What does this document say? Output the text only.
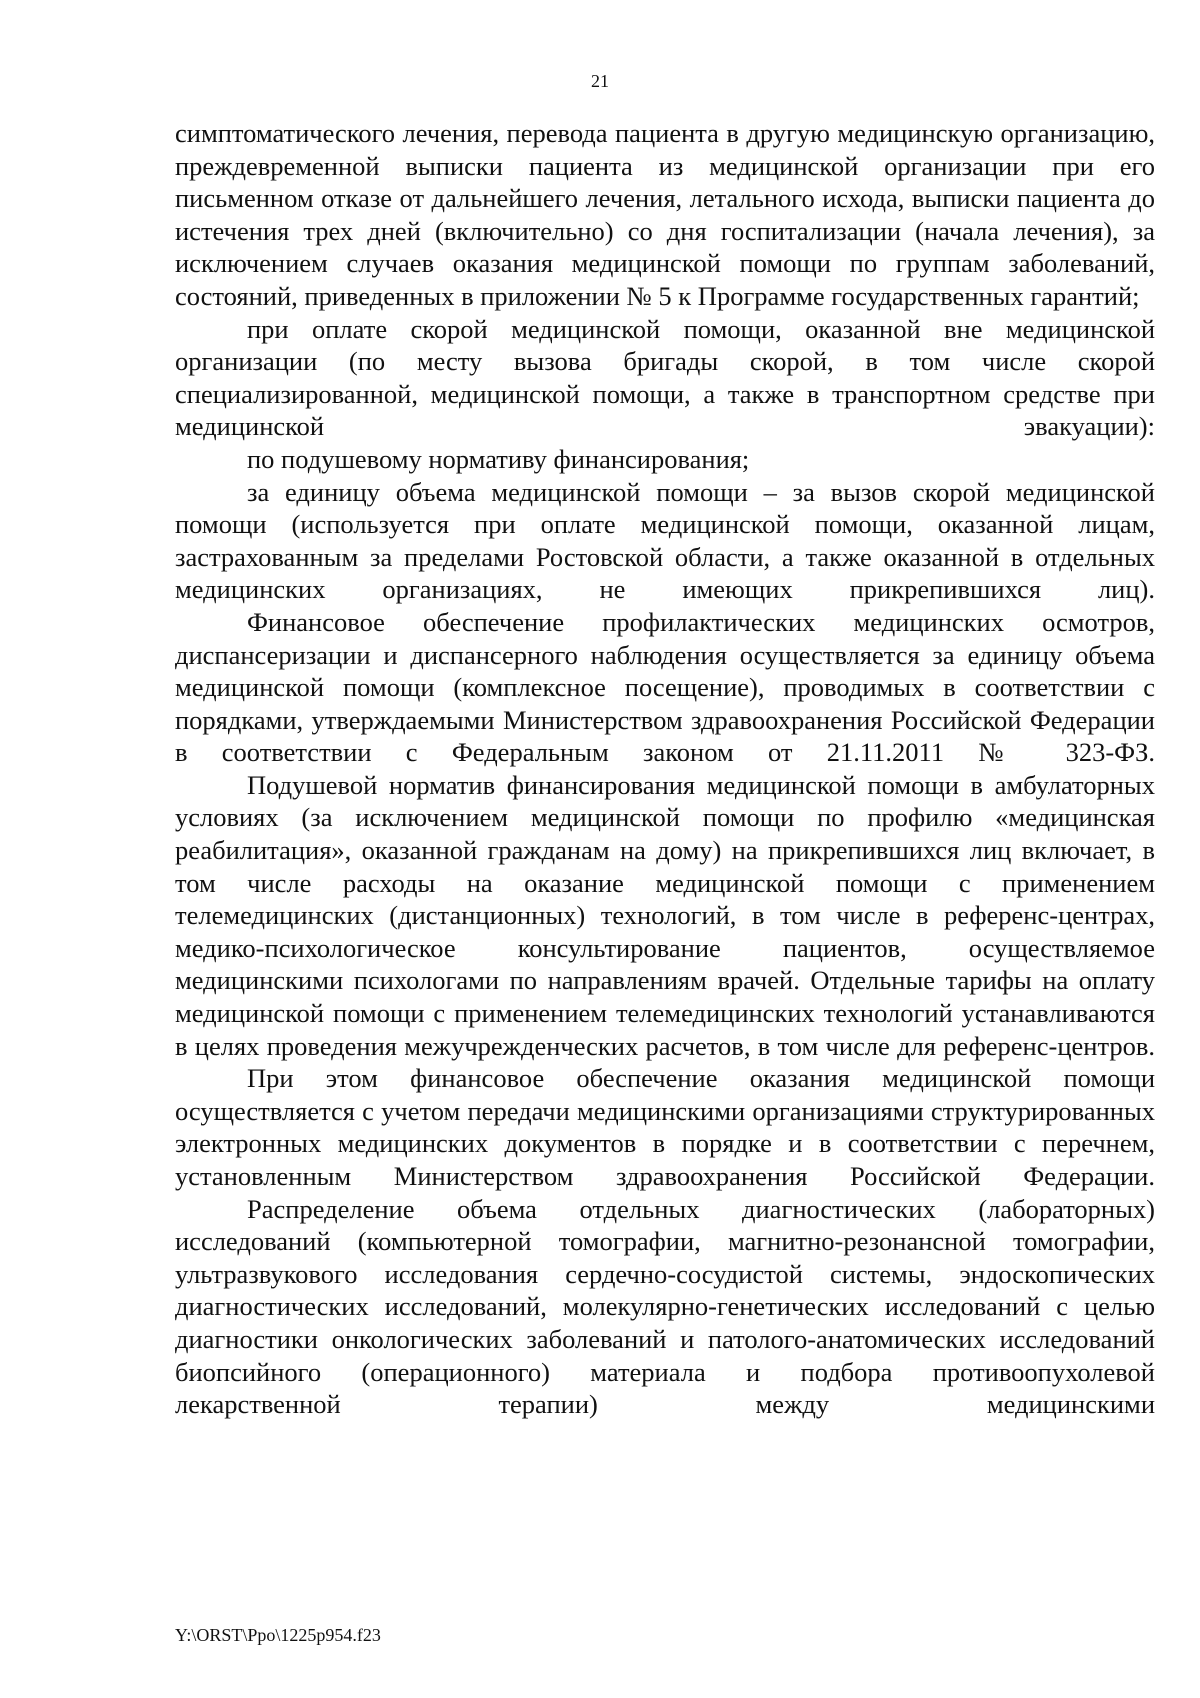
21

симптоматического лечения, перевода пациента в другую медицинскую организацию, преждевременной выписки пациента из медицинской организации при его письменном отказе от дальнейшего лечения, летального исхода, выписки пациента до истечения трех дней (включительно) со дня госпитализации (начала лечения), за исключением случаев оказания медицинской помощи по группам заболеваний, состояний, приведенных в приложении № 5 к Программе государственных гарантий;

при оплате скорой медицинской помощи, оказанной вне медицинской организации (по месту вызова бригады скорой, в том числе скорой специализированной, медицинской помощи, а также в транспортном средстве при медицинской эвакуации):

по подушевому нормативу финансирования;

за единицу объема медицинской помощи – за вызов скорой медицинской помощи (используется при оплате медицинской помощи, оказанной лицам, застрахованным за пределами Ростовской области, а также оказанной в отдельных медицинских организациях, не имеющих прикрепившихся лиц).

Финансовое обеспечение профилактических медицинских осмотров, диспансеризации и диспансерного наблюдения осуществляется за единицу объема медицинской помощи (комплексное посещение), проводимых в соответствии с порядками, утверждаемыми Министерством здравоохранения Российской Федерации в соответствии с Федеральным законом от 21.11.2011 № 323-ФЗ.

Подушевой норматив финансирования медицинской помощи в амбулаторных условиях (за исключением медицинской помощи по профилю «медицинская реабилитация», оказанной гражданам на дому) на прикрепившихся лиц включает, в том числе расходы на оказание медицинской помощи с применением телемедицинских (дистанционных) технологий, в том числе в референс-центрах, медико-психологическое консультирование пациентов, осуществляемое медицинскими психологами по направлениям врачей. Отдельные тарифы на оплату медицинской помощи с применением телемедицинских технологий устанавливаются в целях проведения межучрежденческих расчетов, в том числе для референс-центров.

При этом финансовое обеспечение оказания медицинской помощи осуществляется с учетом передачи медицинскими организациями структурированных электронных медицинских документов в порядке и в соответствии с перечнем, установленным Министерством здравоохранения Российской Федерации.

Распределение объема отдельных диагностических (лабораторных) исследований (компьютерной томографии, магнитно-резонансной томографии, ультразвукового исследования сердечно-сосудистой системы, эндоскопических диагностических исследований, молекулярно-генетических исследований с целью диагностики онкологических заболеваний и патолого-анатомических исследований биопсийного (операционного) материала и подбора противоопухолевой лекарственной терапии) между медицинскими

Y:\ORST\Ppo\1225p954.f23
